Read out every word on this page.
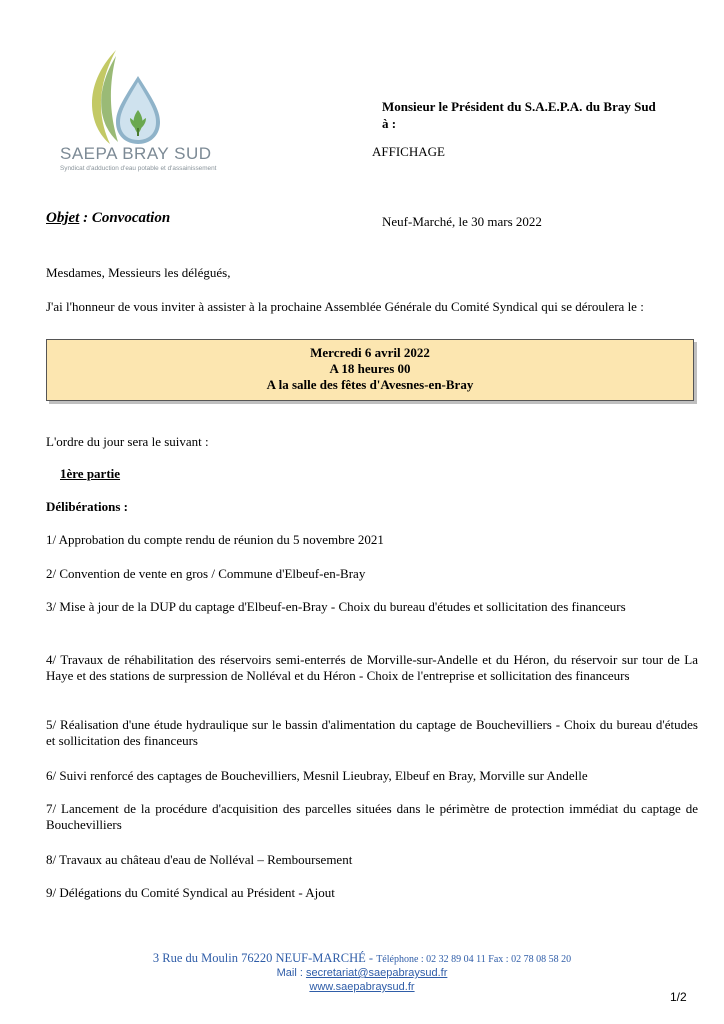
SAEPA BRAY SUD
Syndicat d'adduction d'eau potable et d'assainissement
Monsieur le Président du S.A.E.P.A. du Bray Sud
à :
AFFICHAGE
Objet : Convocation	Neuf-Marché, le 30 mars 2022
Mesdames, Messieurs les délégués,
J'ai l'honneur de vous inviter à assister à la prochaine Assemblée Générale du Comité Syndical qui se déroulera le :
Mercredi 6 avril 2022
A 18 heures 00
A la salle des fêtes d'Avesnes-en-Bray
L'ordre du jour sera le suivant :
1ère partie
Délibérations :
1/ Approbation du compte rendu de réunion du 5 novembre 2021
2/ Convention de vente en gros / Commune d'Elbeuf-en-Bray
3/ Mise à jour de la DUP du captage d'Elbeuf-en-Bray - Choix du bureau d'études et sollicitation des financeurs
4/ Travaux de réhabilitation des réservoirs semi-enterrés de Morville-sur-Andelle et du Héron, du réservoir sur tour de La Haye et des stations de surpression de Nolléval et du Héron - Choix de l'entreprise et sollicitation des financeurs
5/ Réalisation d'une étude hydraulique sur le bassin d'alimentation du captage de Bouchevilliers - Choix du bureau d'études et sollicitation des financeurs
6/ Suivi renforcé des captages de Bouchevilliers, Mesnil Lieubray, Elbeuf en Bray, Morville sur Andelle
7/ Lancement de la procédure d'acquisition des parcelles situées dans le périmètre de protection immédiat du captage de Bouchevilliers
8/ Travaux au château d'eau de Nolléval – Remboursement
9/ Délégations du Comité Syndical au Président - Ajout
3 Rue du Moulin 76220 NEUF-MARCHÉ - Téléphone : 02 32 89 04 11 Fax : 02 78 08 58 20
Mail : secretariat@saepabraysud.fr
www.saepabraysud.fr
1/2
